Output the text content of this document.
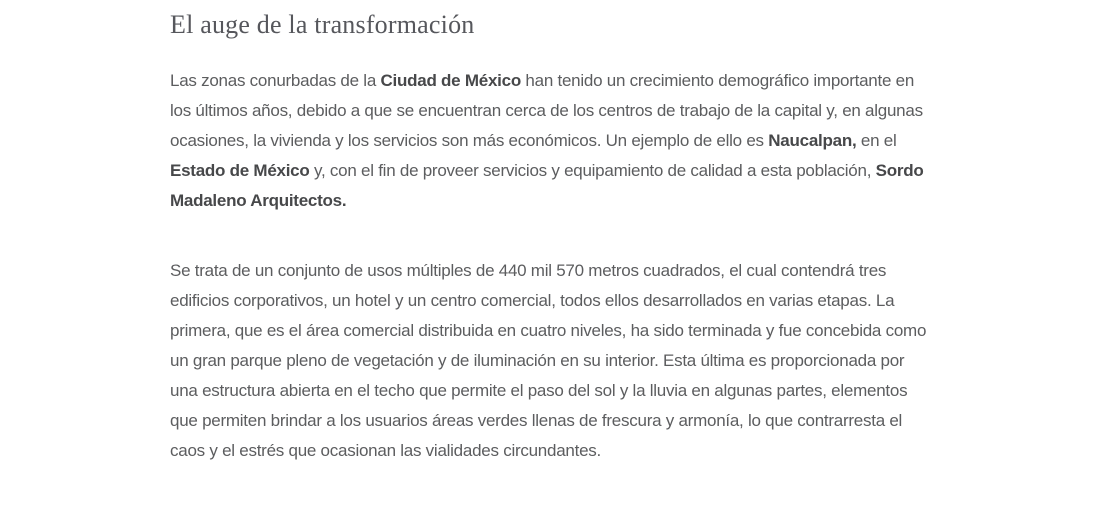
El auge de la transformación

Las zonas conurbadas de la Ciudad de México han tenido un crecimiento demográfico importante en los últimos años, debido a que se encuentran cerca de los centros de trabajo de la capital y, en algunas ocasiones, la vivienda y los servicios son más económicos. Un ejemplo de ello es Naucalpan, en el Estado de México y, con el fin de proveer servicios y equipamiento de calidad a esta población, Sordo Madaleno Arquitectos.

Se trata de un conjunto de usos múltiples de 440 mil 570 metros cuadrados, el cual contendrá tres edificios corporativos, un hotel y un centro comercial, todos ellos desarrollados en varias etapas. La primera, que es el área comercial distribuida en cuatro niveles, ha sido terminada y fue concebida como un gran parque pleno de vegetación y de iluminación en su interior. Esta última es proporcionada por una estructura abierta en el techo que permite el paso del sol y la lluvia en algunas partes, elementos que permiten brindar a los usuarios áreas verdes llenas de frescura y armonía, lo que contrarresta el caos y el estrés que ocasionan las vialidades circundantes.
